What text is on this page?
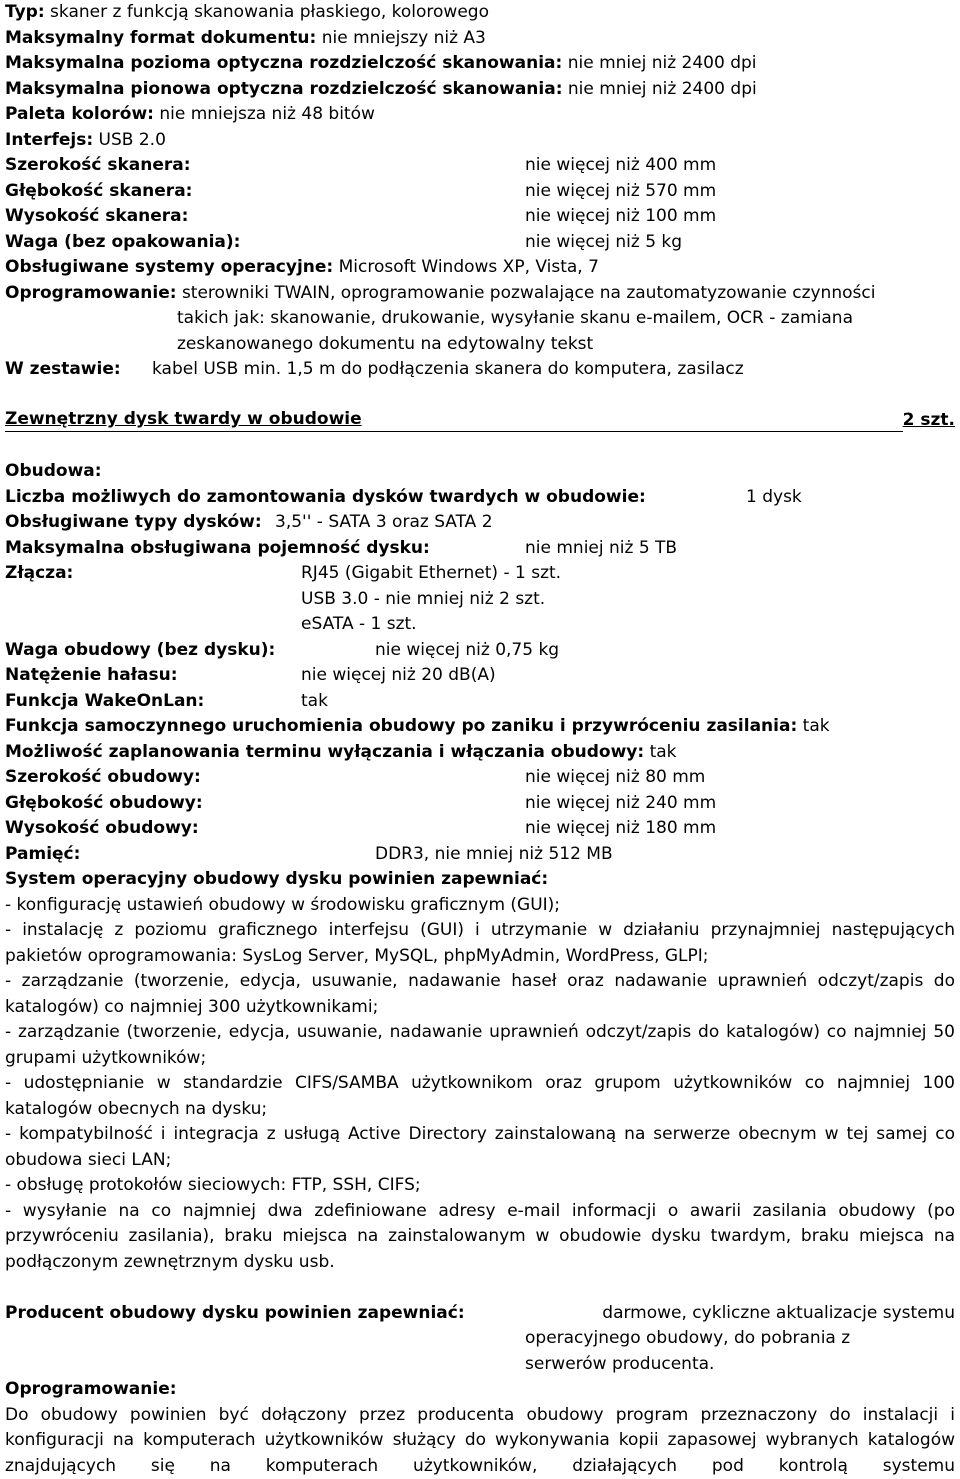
Typ: skaner z funkcją skanowania płaskiego, kolorowego
Maksymalny format dokumentu: nie mniejszy niż A3
Maksymalna pozioma optyczna rozdzielczość skanowania: nie mniej niż 2400 dpi
Maksymalna pionowa optyczna rozdzielczość skanowania: nie mniej niż 2400 dpi
Paleta kolorów: nie mniejsza niż 48 bitów
Interfejs: USB 2.0
Szerokość skanera:	nie więcej niż 400 mm
Głębokość skanera:	nie więcej niż 570 mm
Wysokość skanera:	nie więcej niż 100 mm
Waga (bez opakowania):	nie więcej niż 5 kg
Obsługiwane systemy operacyjne: Microsoft Windows XP, Vista, 7
Oprogramowanie: sterowniki TWAIN, oprogramowanie pozwalające na zautomatyzowanie czynności
takich jak: skanowanie, drukowanie, wysyłanie skanu e-mailem, OCR - zamiana
zeskanowanego dokumentu na edytowalny tekst
W zestawie: kabel USB min. 1,5 m do podłączenia skanera do komputera, zasilacz
Zewnętrzny dysk twardy w obudowie	2 szt.
Obudowa:
Liczba możliwych do zamontowania dysków twardych w obudowie:	1 dysk
Obsługiwane typy dysków: 3,5'' - SATA 3 oraz SATA 2
Maksymalna obsługiwana pojemność dysku:	nie mniej niż 5 TB
Złącza:	RJ45 (Gigabit Ethernet) - 1 szt.
USB 3.0 - nie mniej niż 2 szt.
eSATA - 1 szt.
Waga obudowy (bez dysku):	nie więcej niż 0,75 kg
Natężenie hałasu:	nie więcej niż 20 dB(A)
Funkcja WakeOnLan:	tak
Funkcja samoczynnego uruchomienia obudowy po zaniku i przywróceniu zasilania: tak
Możliwość zaplanowania terminu wyłączania i włączania obudowy: tak
Szerokość obudowy:	nie więcej niż 80 mm
Głębokość obudowy:	nie więcej niż 240 mm
Wysokość obudowy:	nie więcej niż 180 mm
Pamięć:	DDR3, nie mniej niż 512 MB
System operacyjny obudowy dysku powinien zapewniać:
- konfigurację ustawień obudowy w środowisku graficznym (GUI);
- instalację z poziomu graficznego interfejsu (GUI) i utrzymanie w działaniu przynajmniej następujących pakietów oprogramowania: SysLog Server, MySQL, phpMyAdmin, WordPress, GLPI;
- zarządzanie (tworzenie, edycja, usuwanie, nadawanie haseł oraz nadawanie uprawnień odczyt/zapis do katalogów) co najmniej 300 użytkownikami;
- zarządzanie (tworzenie, edycja, usuwanie, nadawanie uprawnień odczyt/zapis do katalogów) co najmniej 50 grupami użytkowników;
- udostępnianie w standardzie CIFS/SAMBA użytkownikom oraz grupom użytkowników co najmniej 100 katalogów obecnych na dysku;
- kompatybilność i integracja z usługą Active Directory zainstalowaną na serwerze obecnym w tej samej co obudowa sieci LAN;
- obsługę protokołów sieciowych: FTP, SSH, CIFS;
- wysyłanie na co najmniej dwa zdefiniowane adresy e-mail informacji o awarii zasilania obudowy (po przywróceniu zasilania), braku miejsca na zainstalowanym w obudowie dysku twardym, braku miejsca na podłączonym zewnętrznym dysku usb.
Producent obudowy dysku powinien zapewniać:	darmowe, cykliczne aktualizacje systemu
operacyjnego obudowy, do pobrania z
serwerów producenta.
Oprogramowanie:
Do obudowy powinien być dołączony przez producenta obudowy program przeznaczony do instalacji i konfiguracji na komputerach użytkowników służący do wykonywania kopii zapasowej wybranych katalogów znajdujących się na komputerach użytkowników, działających pod kontrolą systemu
